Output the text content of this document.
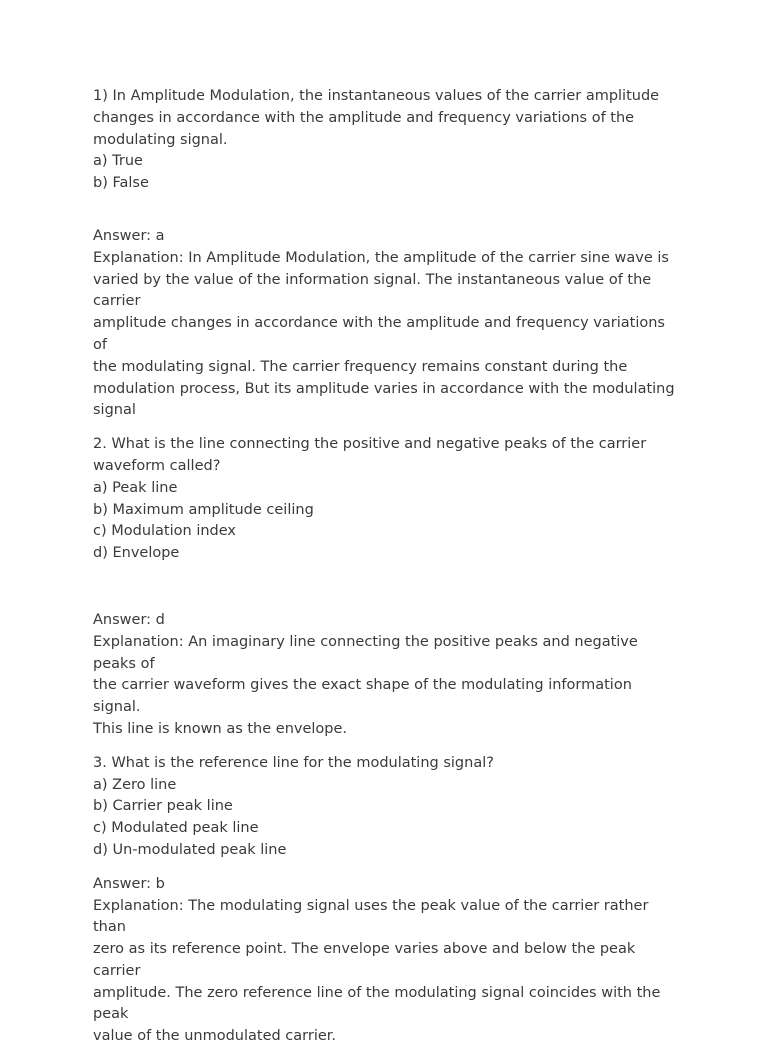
1) In Amplitude Modulation, the instantaneous values of the carrier amplitude

changes in accordance with the amplitude and frequency variations of the

modulating signal.

a) True

b) False

Answer: a

Explanation: In Amplitude Modulation, the amplitude of the carrier sine wave is

varied by the value of the information signal. The instantaneous value of the carrier

amplitude changes in accordance with the amplitude and frequency variations of

the modulating signal. The carrier frequency remains constant during the

modulation process, But its amplitude varies in accordance with the modulating

signal

2. What is the line connecting the positive and negative peaks of the carrier

waveform called?

a) Peak line

b) Maximum amplitude ceiling

c) Modulation index

d) Envelope

Answer: d

Explanation: An imaginary line connecting the positive peaks and negative peaks of

the carrier waveform gives the exact shape of the modulating information signal.

This line is known as the envelope.

3. What is the reference line for the modulating signal?

a) Zero line

b) Carrier peak line

c) Modulated peak line

d) Un-modulated peak line

Answer: b

Explanation: The modulating signal uses the peak value of the carrier rather than

zero as its reference point. The envelope varies above and below the peak carrier

amplitude. The zero reference line of the modulating signal coincides with the peak

value of the unmodulated carrier.
